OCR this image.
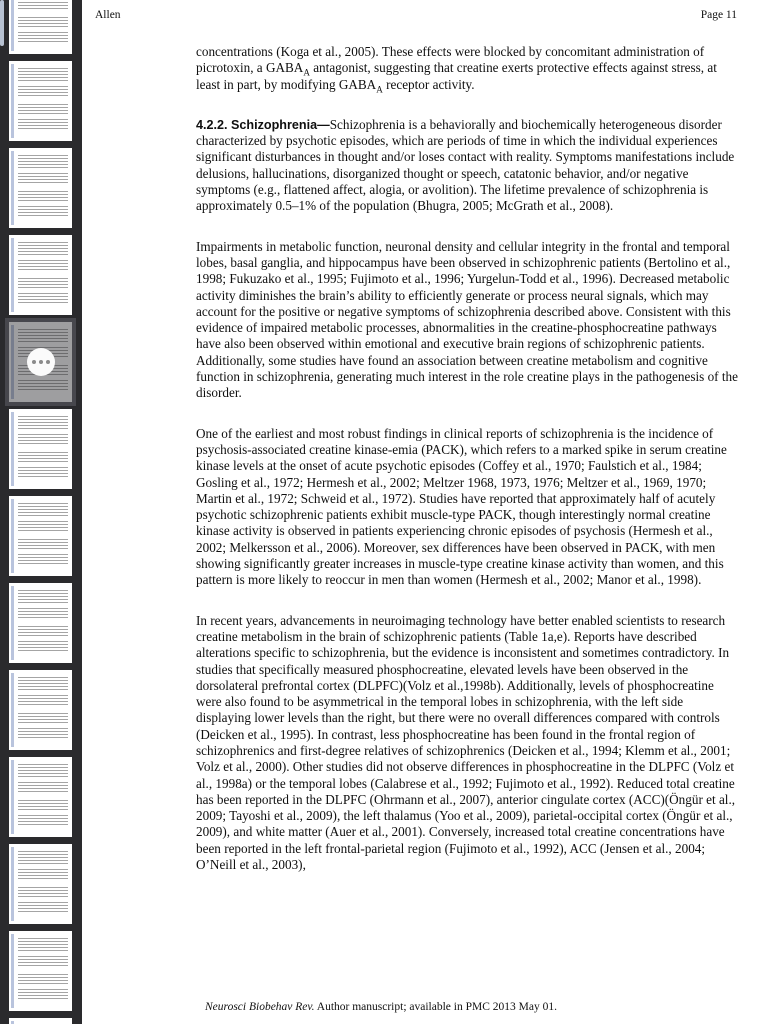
Allen	Page 11

concentrations (Koga et al., 2005). These effects were blocked by concomitant administration of picrotoxin, a $GABA_A$ antagonist, suggesting that creatine exerts protective effects against stress, at least in part, by modifying $GABA_A$ receptor activity.

4.2.2. Schizophrenia—Schizophrenia is a behaviorally and biochemically heterogeneous disorder characterized by psychotic episodes, which are periods of time in which the individual experiences significant disturbances in thought and/or loses contact with reality. Symptoms manifestations include delusions, hallucinations, disorganized thought or speech, catatonic behavior, and/or negative symptoms (e.g., flattened affect, alogia, or avolition). The lifetime prevalence of schizophrenia is approximately 0.5–1% of the population (Bhugra, 2005; McGrath et al., 2008).

Impairments in metabolic function, neuronal density and cellular integrity in the frontal and temporal lobes, basal ganglia, and hippocampus have been observed in schizophrenic patients (Bertolino et al., 1998; Fukuzako et al., 1995; Fujimoto et al., 1996; Yurgelun-Todd et al., 1996). Decreased metabolic activity diminishes the brain’s ability to efficiently generate or process neural signals, which may account for the positive or negative symptoms of schizophrenia described above. Consistent with this evidence of impaired metabolic processes, abnormalities in the creatine-phosphocreatine pathways have also been observed within emotional and executive brain regions of schizophrenic patients. Additionally, some studies have found an association between creatine metabolism and cognitive function in schizophrenia, generating much interest in the role creatine plays in the pathogenesis of the disorder.

One of the earliest and most robust findings in clinical reports of schizophrenia is the incidence of psychosis-associated creatine kinase-emia (PACK), which refers to a marked spike in serum creatine kinase levels at the onset of acute psychotic episodes (Coffey et al., 1970; Faulstich et al., 1984; Gosling et al., 1972; Hermesh et al., 2002; Meltzer 1968, 1973, 1976; Meltzer et al., 1969, 1970; Martin et al., 1972; Schweid et al., 1972). Studies have reported that approximately half of acutely psychotic schizophrenic patients exhibit muscle-type PACK, though interestingly normal creatine kinase activity is observed in patients experiencing chronic episodes of psychosis (Hermesh et al., 2002; Melkersson et al., 2006). Moreover, sex differences have been observed in PACK, with men showing significantly greater increases in muscle-type creatine kinase activity than women, and this pattern is more likely to reoccur in men than women (Hermesh et al., 2002; Manor et al., 1998).

In recent years, advancements in neuroimaging technology have better enabled scientists to research creatine metabolism in the brain of schizophrenic patients (Table 1a,e). Reports have described alterations specific to schizophrenia, but the evidence is inconsistent and sometimes contradictory. In studies that specifically measured phosphocreatine, elevated levels have been observed in the dorsolateral prefrontal cortex (DLPFC)(Volz et al.,1998b). Additionally, levels of phosphocreatine were also found to be asymmetrical in the temporal lobes in schizophrenia, with the left side displaying lower levels than the right, but there were no overall differences compared with controls (Deicken et al., 1995). In contrast, less phosphocreatine has been found in the frontal region of schizophrenics and first-degree relatives of schizophrenics (Deicken et al., 1994; Klemm et al., 2001; Volz et al., 2000). Other studies did not observe differences in phosphocreatine in the DLPFC (Volz et al., 1998a) or the temporal lobes (Calabrese et al., 1992; Fujimoto et al., 1992). Reduced total creatine has been reported in the DLPFC (Ohrmann et al., 2007), anterior cingulate cortex (ACC)(Öngür et al., 2009; Tayoshi et al., 2009), the left thalamus (Yoo et al., 2009), parietal-occipital cortex (Öngür et al., 2009), and white matter (Auer et al., 2001). Conversely, increased total creatine concentrations have been reported in the left frontal-parietal region (Fujimoto et al., 1992), ACC (Jensen et al., 2004; O’Neill et al., 2003),

Neurosci Biobehav Rev. Author manuscript; available in PMC 2013 May 01.
